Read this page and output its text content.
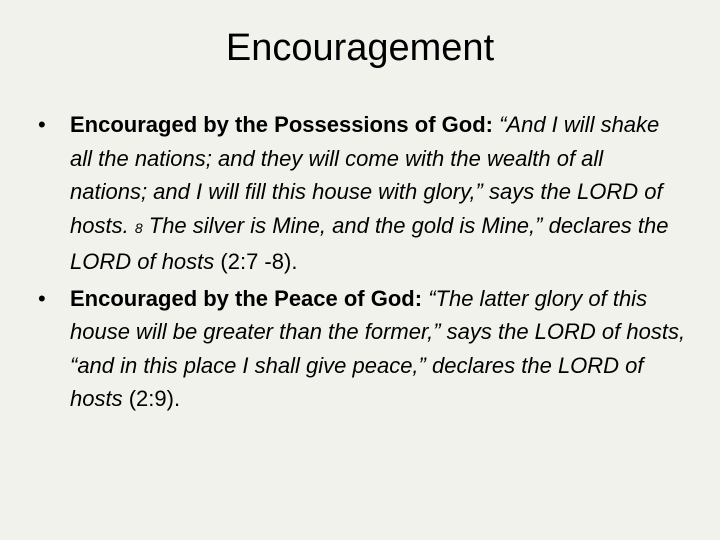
Encouragement
•	Encouraged by the Possessions of God: “And I will shake all the nations; and they will come with the wealth of all nations; and I will fill this house with glory,” says the LORD of hosts. 8 The silver is Mine, and the gold is Mine,” declares the LORD of hosts (2:7 -8).
•	Encouraged by the Peace of God: “The latter glory of this house will be greater than the former,” says the LORD of hosts, “and in this place I shall give peace,” declares the LORD of hosts (2:9).
